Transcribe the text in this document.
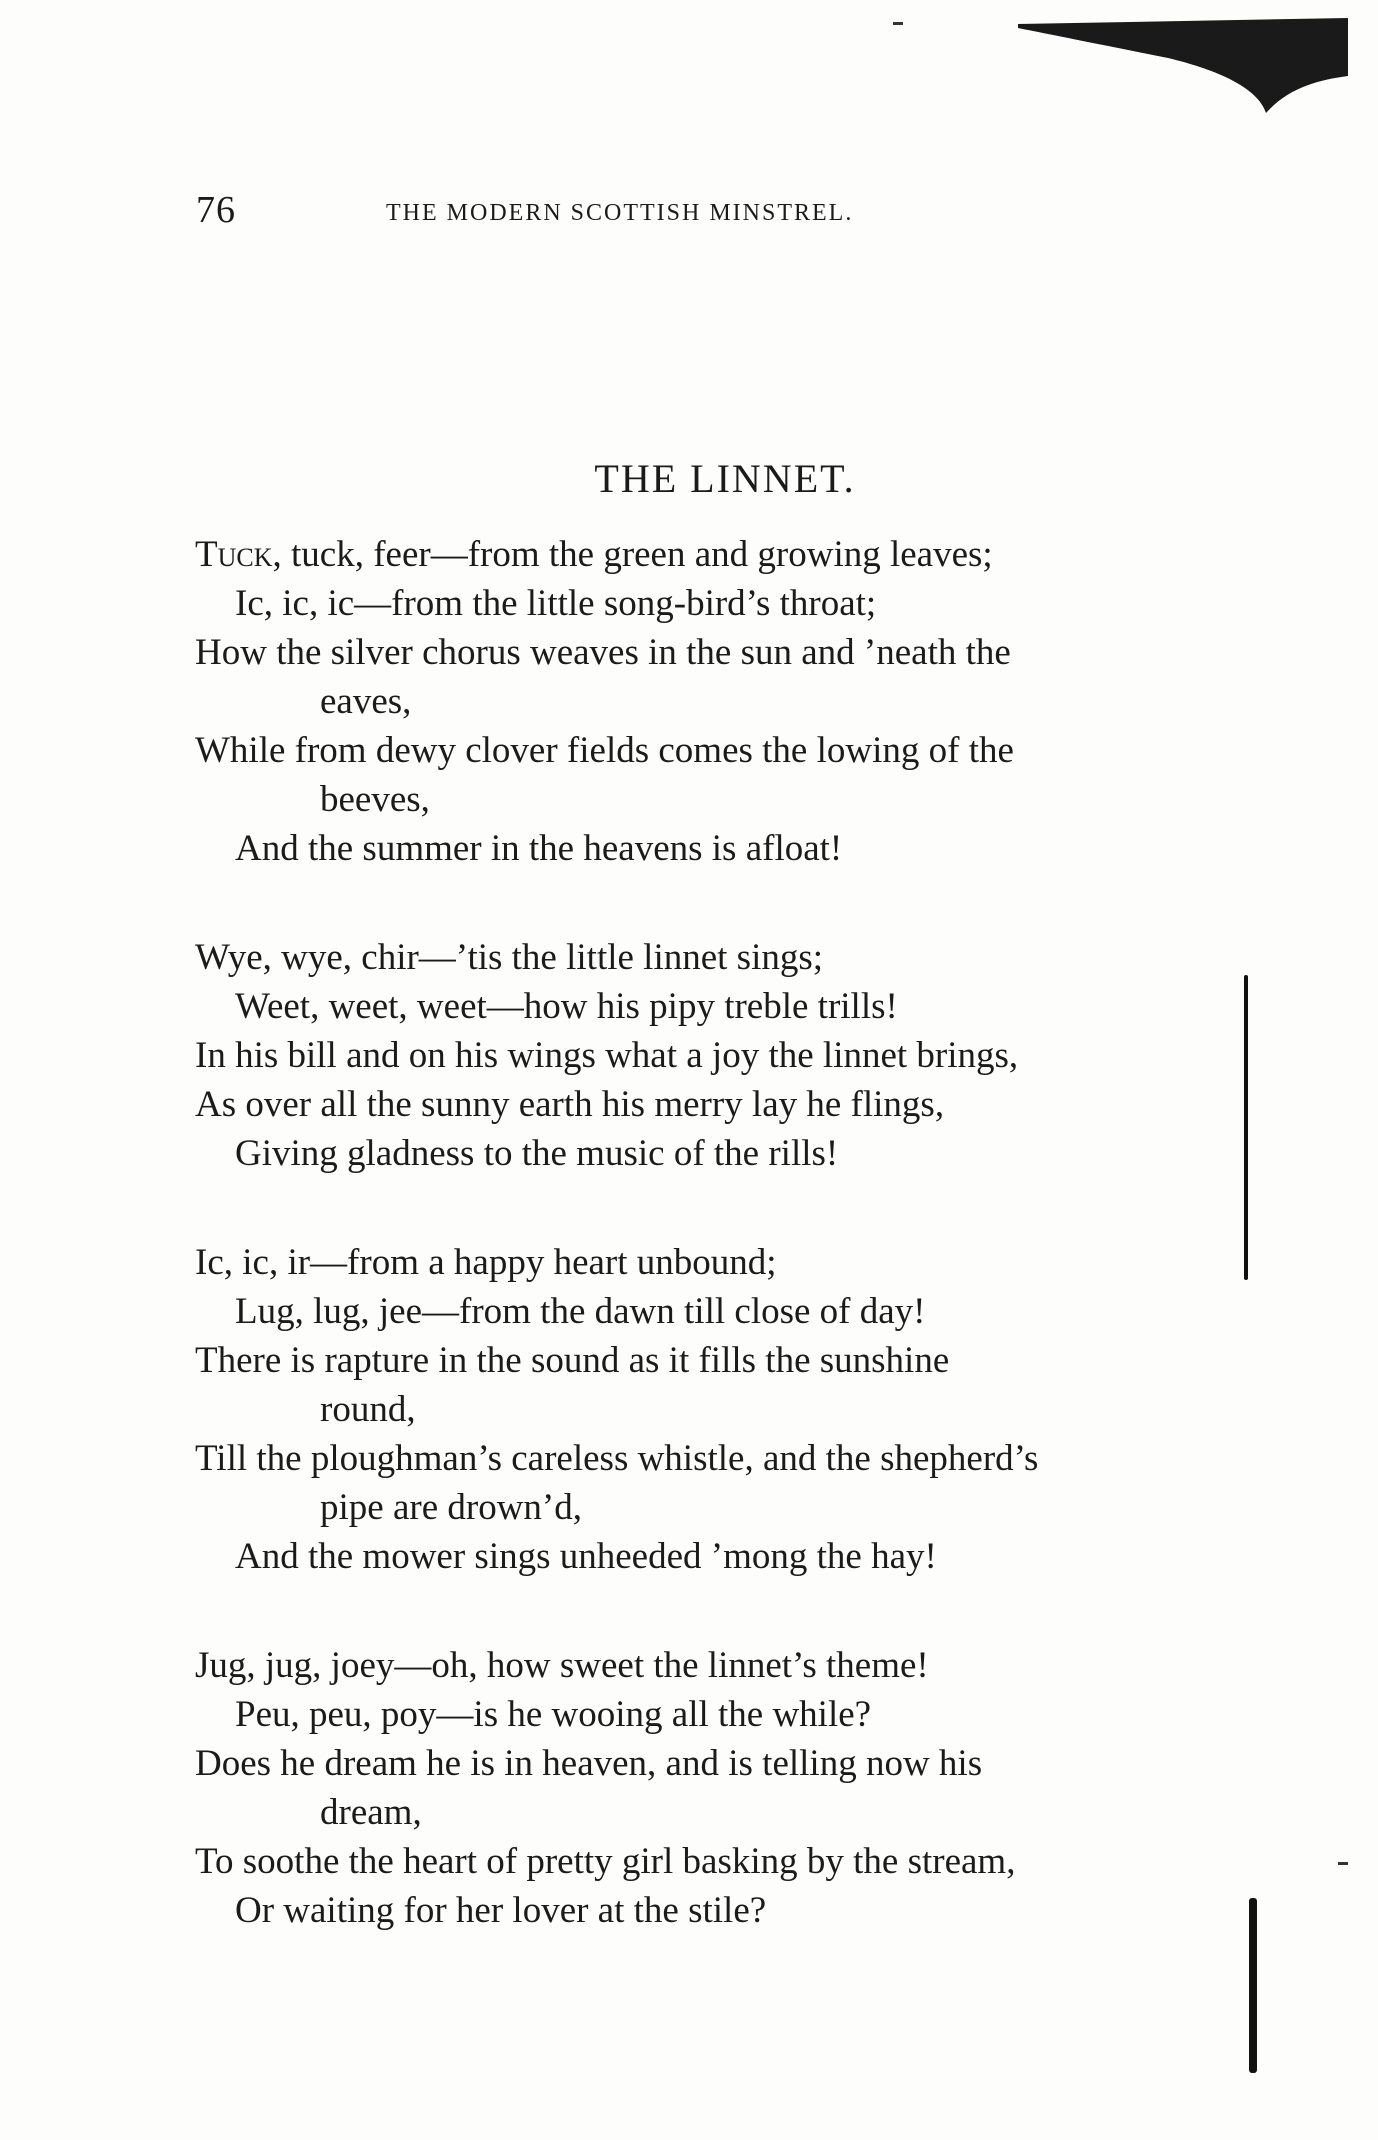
76	THE MODERN SCOTTISH MINSTREL.
THE LINNET.
Tuck, tuck, feer—from the green and growing leaves;
Ic, ic, ic—from the little song-bird’s throat;
How the silver chorus weaves in the sun and ’neath the
eaves,
While from dewy clover fields comes the lowing of the
beeves,
And the summer in the heavens is afloat!
Wye, wye, chir—’tis the little linnet sings;
Weet, weet, weet—how his pipy treble trills!
In his bill and on his wings what a joy the linnet brings,
As over all the sunny earth his merry lay he flings,
Giving gladness to the music of the rills!
Ic, ic, ir—from a happy heart unbound;
Lug, lug, jee—from the dawn till close of day!
There is rapture in the sound as it fills the sunshine
round,
Till the ploughman’s careless whistle, and the shepherd’s
pipe are drown’d,
And the mower sings unheeded ’mong the hay!
Jug, jug, joey—oh, how sweet the linnet’s theme!
Peu, peu, poy—is he wooing all the while?
Does he dream he is in heaven, and is telling now his
dream,
To soothe the heart of pretty girl basking by the stream,
Or waiting for her lover at the stile?
